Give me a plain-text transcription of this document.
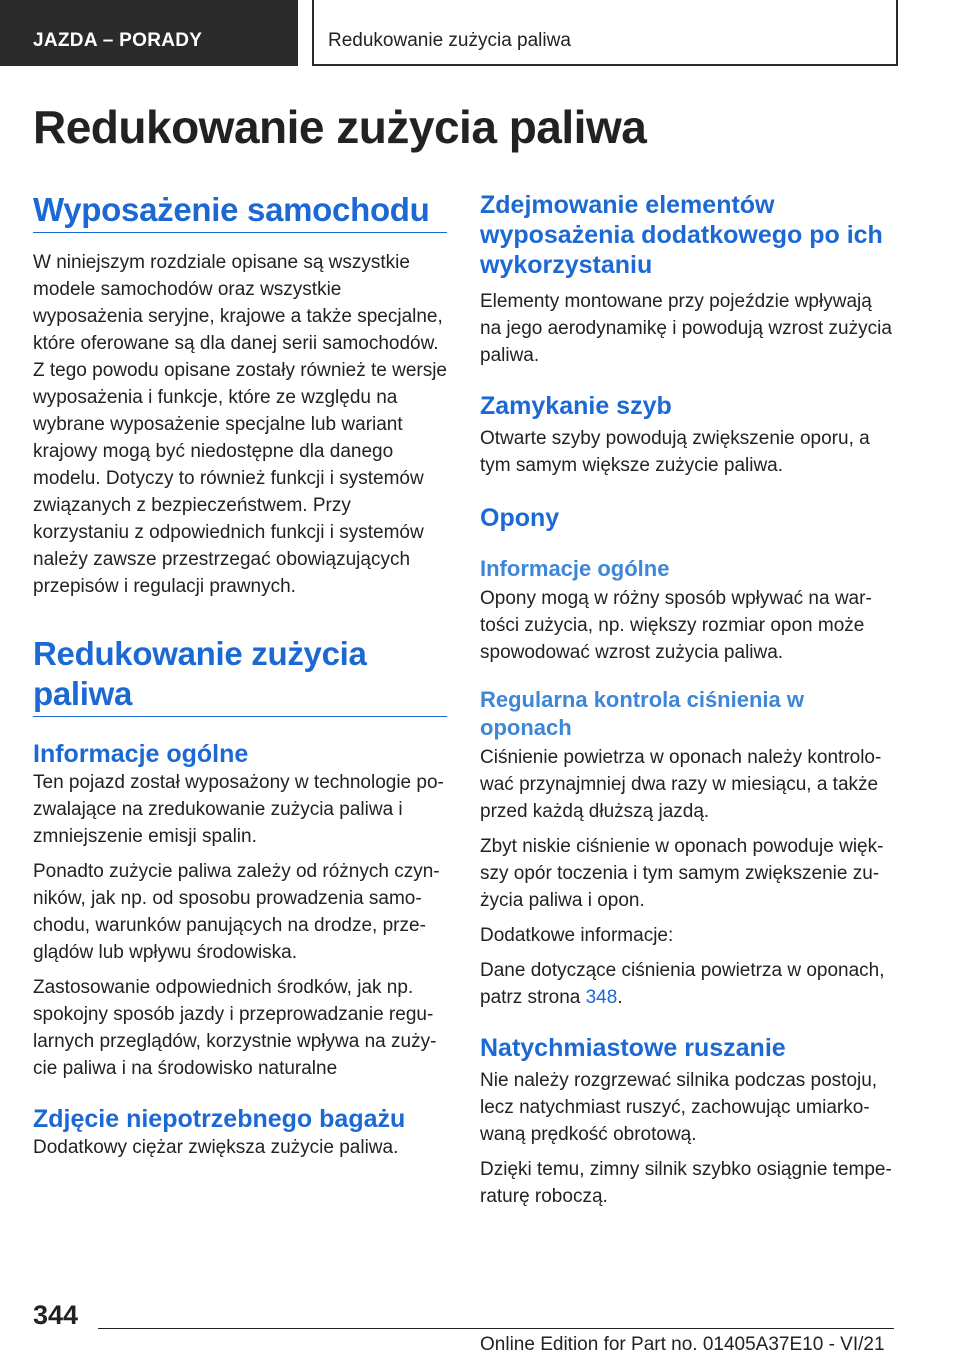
JAZDA – PORADY	Redukowanie zużycia paliwa
Redukowanie zużycia paliwa
Wyposażenie samochodu

W niniejszym rozdziale opisane są wszystkie modele samochodów oraz wszystkie wyposażenia seryjne, krajowe a także specjalne, które oferowane są dla danej serii samochodów. Z tego powodu opisane zostały również te wersje wyposażenia i funkcje, które ze względu na wybrane wyposażenie specjalne lub wariant krajowy mogą być niedostępne dla danego modelu. Dotyczy to również funkcji i systemów związanych z bezpieczeństwem. Przy korzystaniu z odpowiednich funkcji i systemów należy zawsze przestrzegać obowiązujących przepisów i regulacji prawnych.

Redukowanie zużycia paliwa
Informacje ogólne

Ten pojazd został wyposażony w technologie pozwalające na zredukowanie zużycia paliwa i zmniejszenie emisji spalin.

Ponadto zużycie paliwa zależy od różnych czynników, jak np. od sposobu prowadzenia samochodu, warunków panujących na drodze, przeglądów lub wpływu środowiska.

Zastosowanie odpowiednich środków, jak np. spokojny sposób jazdy i przeprowadzanie regularnych przeglądów, korzystnie wpływa na zużycie paliwa i na środowisko naturalne

Zdjęcie niepotrzebnego bagażu

Dodatkowy ciężar zwiększa zużycie paliwa.

Zdejmowanie elementów wyposażenia dodatkowego po ich wykorzystaniu

Elementy montowane przy pojeździe wpływają na jego aerodynamikę i powodują wzrost zużycia paliwa.

Zamykanie szyb

Otwarte szyby powodują zwiększenie oporu, a tym samym większe zużycie paliwa.

Opony
Informacje ogólne

Opony mogą w różny sposób wpływać na wartości zużycia, np. większy rozmiar opon może spowodować wzrost zużycia paliwa.

Regularna kontrola ciśnienia w oponach

Ciśnienie powietrza w oponach należy kontrolować przynajmniej dwa razy w miesiącu, a także przed każdą dłuższą jazdą.

Zbyt niskie ciśnienie w oponach powoduje większy opór toczenia i tym samym zwiększenie zużycia paliwa i opon.

Dodatkowe informacje:

Dane dotyczące ciśnienia powietrza w oponach, patrz strona 348.

Natychmiastowe ruszanie

Nie należy rozgrzewać silnika podczas postoju, lecz natychmiast ruszyć, zachowując umiarkowaną prędkość obrotową.

Dzięki temu, zimny silnik szybko osiągnie temperaturę roboczą.

344
Online Edition for Part no. 01405A37E10 - VI/21
